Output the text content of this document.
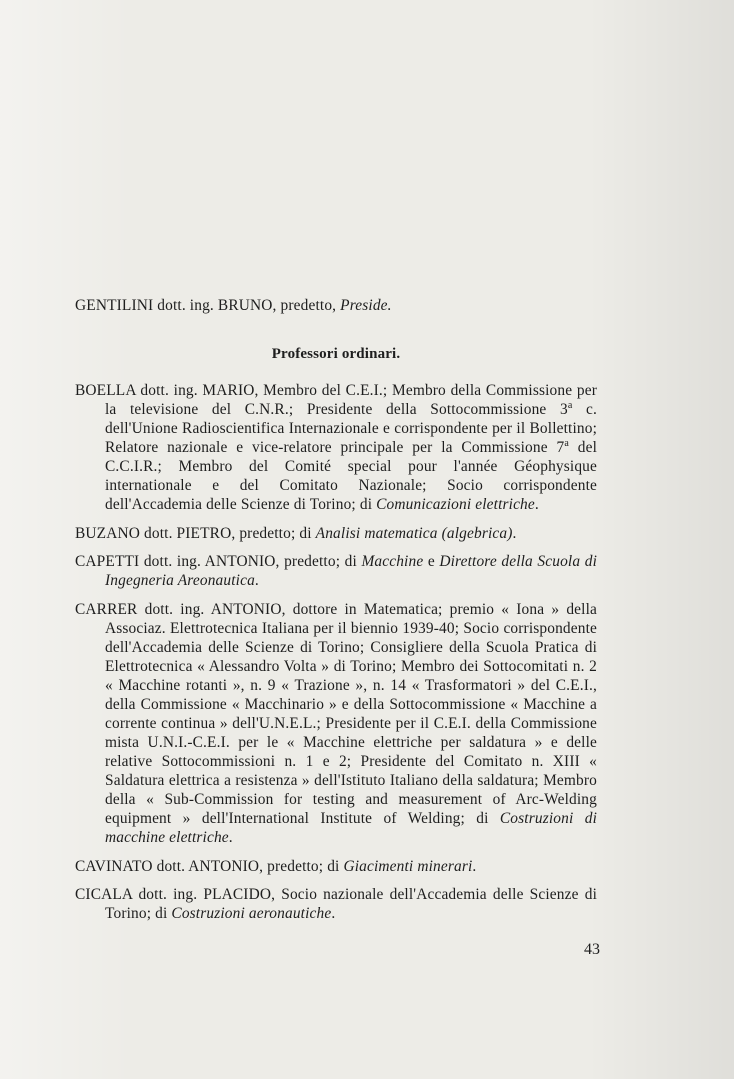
GENTILINI dott. ing. BRUNO, predetto, Preside.

Professori ordinari.

BOELLA dott. ing. MARIO, Membro del C.E.I.; Membro della Commissione per la televisione del C.N.R.; Presidente della Sottocommissione 3$^a$ c. dell'Unione Radioscientifica Internazionale e corrispondente per il Bollettino; Relatore nazionale e vice-relatore principale per la Commissione 7$^a$ del C.C.I.R.; Membro del Comité special pour l'année Géophysique internationale e del Comitato Nazionale; Socio corrispondente dell'Accademia delle Scienze di Torino; di Comunicazioni elettriche.

BUZANO dott. PIETRO, predetto; di Analisi matematica (algebrica).

CAPETTI dott. ing. ANTONIO, predetto; di Macchine e Direttore della Scuola di Ingegneria Areonautica.

CARRER dott. ing. ANTONIO, dottore in Matematica; premio « Iona » della Associaz. Elettrotecnica Italiana per il biennio 1939-40; Socio corrispondente dell'Accademia delle Scienze di Torino; Consigliere della Scuola Pratica di Elettrotecnica « Alessandro Volta » di Torino; Membro dei Sottocomitati n. 2 « Macchine rotanti », n. 9 « Trazione », n. 14 « Trasformatori » del C.E.I., della Commissione « Macchinario » e della Sottocommissione « Macchine a corrente continua » dell'U.N.E.L.; Presidente per il C.E.I. della Commissione mista U.N.I.-C.E.I. per le « Macchine elettriche per saldatura » e delle relative Sottocommissioni n. 1 e 2; Presidente del Comitato n. XIII « Saldatura elettrica a resistenza » dell'Istituto Italiano della saldatura; Membro della « Sub-Commission for testing and measurement of Arc-Welding equipment » dell'International Institute of Welding; di Costruzioni di macchine elettriche.

CAVINATO dott. ANTONIO, predetto; di Giacimenti minerari.

CICALA dott. ing. PLACIDO, Socio nazionale dell'Accademia delle Scienze di Torino; di Costruzioni aeronautiche.

43
